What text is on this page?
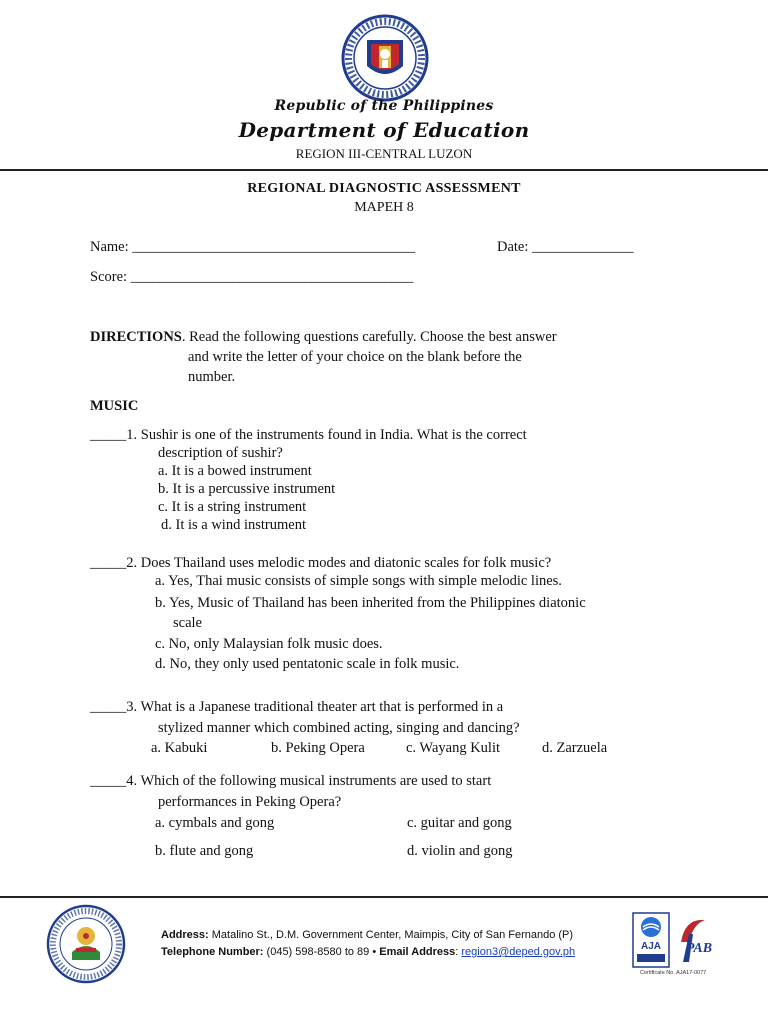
Republic of the Philippines
Department of Education
REGION III-CENTRAL LUZON
REGIONAL DIAGNOSTIC ASSESSMENT
MAPEH 8
Name: _______________________________________	Date: ______________
Score: _______________________________________
DIRECTIONS. Read the following questions carefully. Choose the best answer
and write the letter of your choice on the blank before the
number.
MUSIC
_____1. Sushir is one of the instruments found in India. What is the correct
description of sushir?
a. It is a bowed instrument
b. It is a percussive instrument
c. It is a string instrument
d. It is a wind instrument
_____2. Does Thailand uses melodic modes and diatonic scales for folk music?
a. Yes, Thai music consists of simple songs with simple melodic lines.
b. Yes, Music of Thailand has been inherited from the Philippines diatonic
scale
c. No, only Malaysian folk music does.
d. No, they only used pentatonic scale in folk music.
_____3. What is a Japanese traditional theater art that is performed in a
stylized manner which combined acting, singing and dancing?
a. Kabuki	b. Peking Opera	c. Wayang Kulit	d. Zarzuela
_____4. Which of the following musical instruments are used to start
performances in Peking Opera?
a. cymbals and gong	c. guitar and gong
b. flute and gong	d. violin and gong
Address: Matalino St., D.M. Government Center, Maimpis, City of San Fernando (P)
Telephone Number: (045) 598-8580 to 89 • Email Address: region3@deped.gov.ph	AJA PAB
Certificate No. AJA17-0077
